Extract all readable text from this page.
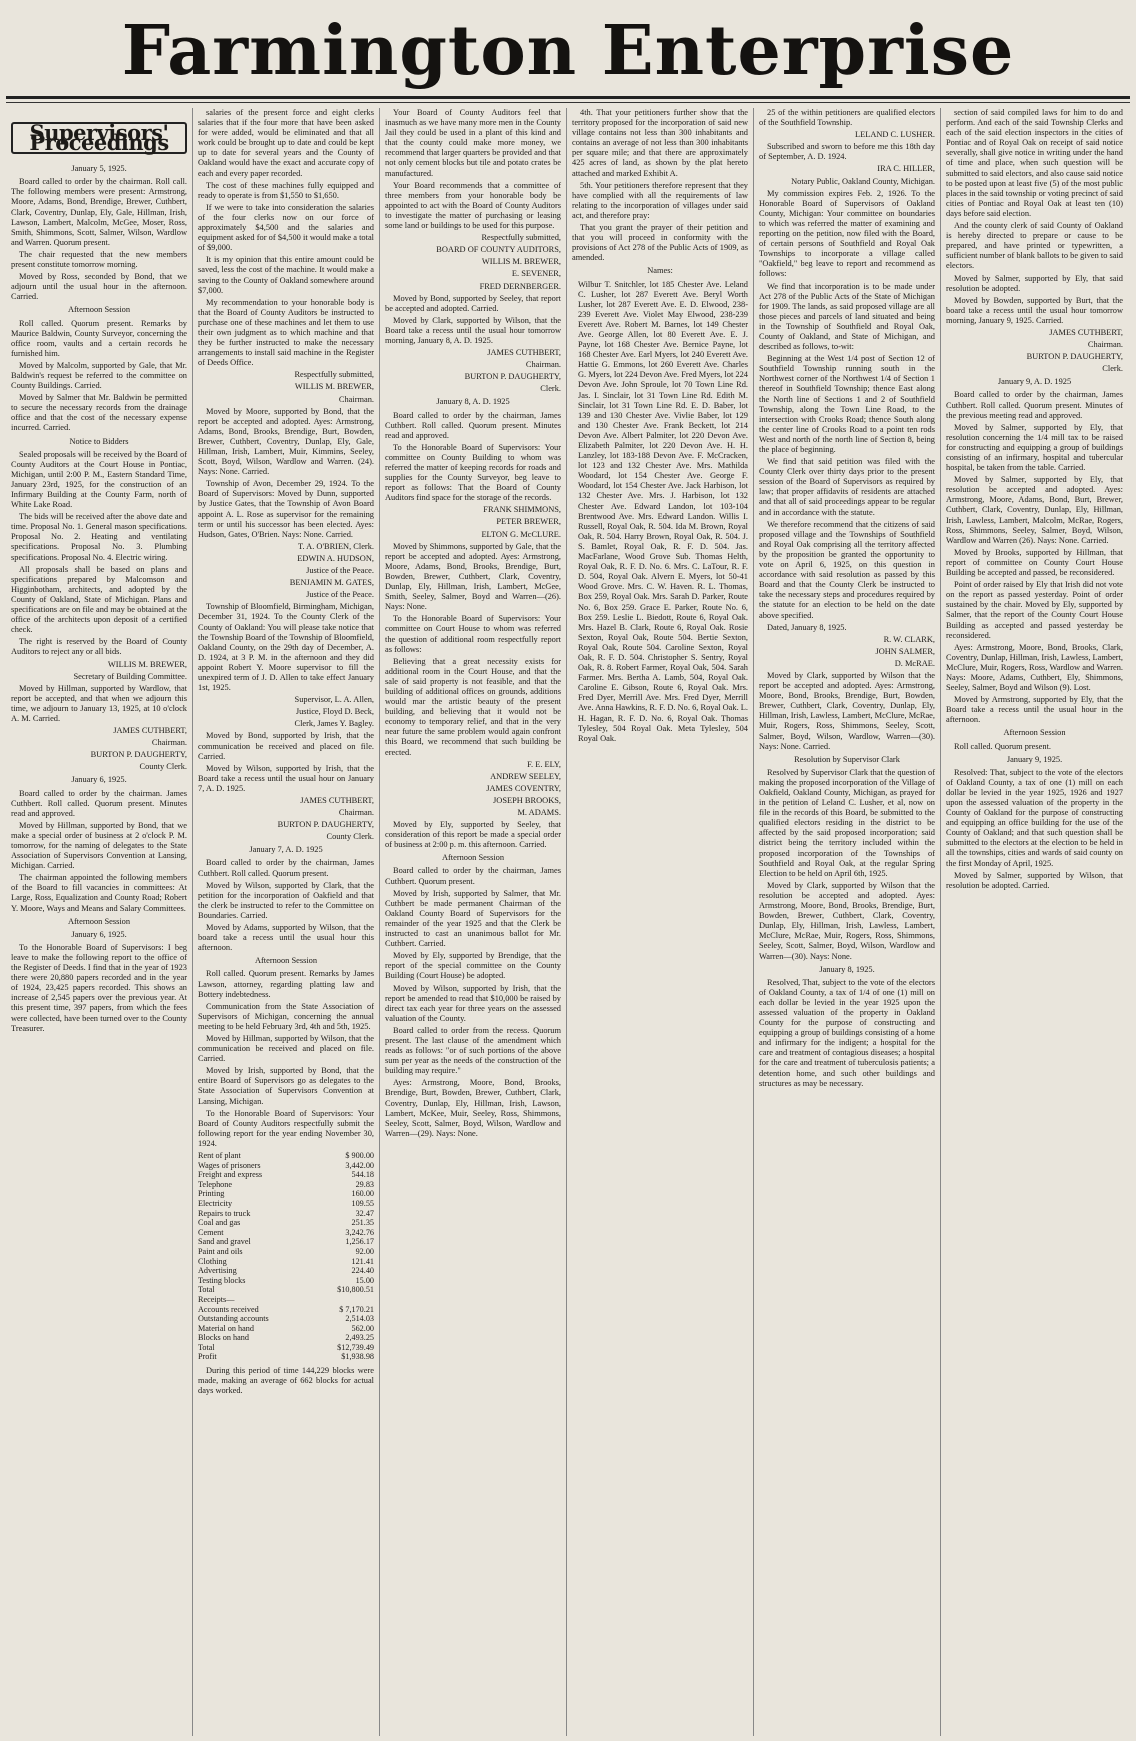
Farmington Enterprise
Supervisors' Proceedings

January 5, 1925.

Board called to order by the chairman. Roll call. The following members were present: Armstrong, Moore, Adams, Bond, Brendige, Brewer, Cuthbert, Clark, Coventry, Dunlap, Ely, Gale, Hillman, Irish, Lawson, Lambert, Malcolm, McGee, Moser, Ross, Smith, Shimmons, Scott, Salmer, Wilson, Wardlow and Warren. Quorum present.

The chair requested that the new members present constitute tomorrow morning.

Moved by Ross, seconded by Bond, that we adjourn until the usual hour in the afternoon. Carried.

Afternoon Session

Roll called. Quorum present. Remarks by Maurice Baldwin, County Surveyor, concerning the office room, vaults and a certain records he furnished him.

Moved by Malcolm, supported by Gale, that Mr. Baldwin's request be referred to the committee on County Buildings. Carried.

Moved by Salmer that Mr. Baldwin be permitted to secure the necessary records from the drainage office and that the cost of the necessary expense incurred. Carried.

Notice to Bidders

Sealed proposals will be received by the Board of County Auditors at the Court House in Pontiac, Michigan, until 2:00 P. M., Eastern Standard Time, January 23rd, 1925, for the construction of an Infirmary Building at the County Farm, north of White Lake Road.

The bids will be received after the above date and time. Proposal No. 1. General mason specifications. Proposal No. 2. Heating and ventilating specifications. Proposal No. 3. Plumbing specifications. Proposal No. 4. Electric wiring.

All proposals shall be based on plans and specifications prepared by Malcomson and Higginbotham, architects, and adopted by the County of Oakland, State of Michigan. Plans and specifications are on file and may be obtained at the office of the architects upon deposit of a certified check.

The right is reserved by the Board of County Auditors to reject any or all bids.

WILLIS M. BREWER,

Secretary of Building Committee.

Moved by Hillman, supported by Wardlow, that report be accepted, and that when we adjourn this time, we adjourn to January 13, 1925, at 10 o'clock A. M. Carried.

JAMES CUTHBERT,

Chairman.

BURTON P. DAUGHERTY,

County Clerk.

January 6, 1925.

Board called to order by the chairman. James Cuthbert. Roll called. Quorum present. Minutes read and approved.

Moved by Hillman, supported by Bond, that we make a special order of business at 2 o'clock P. M. tomorrow, for the naming of delegates to the State Association of Supervisors Convention at Lansing, Michigan. Carried.

The chairman appointed the following members of the Board to fill vacancies in committees: At Large, Ross, Equalization and County Road; Robert Y. Moore, Ways and Means and Salary Committees.

Afternoon Session

January 6, 1925.

To the Honorable Board of Supervisors: I beg leave to make the following report to the office of the Register of Deeds. I find that in the year of 1923 there were 20,880 papers recorded and in the year of 1924, 23,425 papers recorded. This shows an increase of 2,545 papers over the previous year. At this present time, 397 papers, from which the fees were collected, have been turned over to the County Treasurer.

salaries of the present force and eight clerks salaries that if the four more that have been asked for were added, would be eliminated and that all work could be brought up to date and could be kept up to date for several years and the County of Oakland would have the exact and accurate copy of each and every paper recorded.

The cost of these machines fully equipped and ready to operate is from $1,550 to $1,650.

If we were to take into consideration the salaries of the four clerks now on our force of approximately $4,500 and the salaries and equipment asked for of $4,500 it would make a total of $9,000.

It is my opinion that this entire amount could be saved, less the cost of the machine. It would make a saving to the County of Oakland somewhere around $7,000.

My recommendation to your honorable body is that the Board of County Auditors be instructed to purchase one of these machines and let them to use their own judgment as to which machine and that they be further instructed to make the necessary arrangements to install said machine in the Register of Deeds Office.

Respectfully submitted,

WILLIS M. BREWER,

Chairman.

Moved by Moore, supported by Bond, that the report be accepted and adopted. Ayes: Armstrong, Adams, Bond, Brooks, Brendige, Burt, Bowden, Brewer, Cuthbert, Coventry, Dunlap, Ely, Gale, Hillman, Irish, Lambert, Muir, Kimmins, Seeley, Scott, Boyd, Wilson, Wardlow and Warren. (24). Nays: None. Carried.

Township of Avon, December 29, 1924. To the Board of Supervisors: Moved by Dunn, supported by Justice Gates, that the Township of Avon Board appoint A. L. Rose as supervisor for the remaining term or until his successor has been elected. Ayes: Hudson, Gates, O'Brien. Nays: None. Carried.

T. A. O'BRIEN, Clerk.

EDWIN A. HUDSON,

Justice of the Peace.

BENJAMIN M. GATES,

Justice of the Peace.

Township of Bloomfield, Birmingham, Michigan, December 31, 1924. To the County Clerk of the County of Oakland: You will please take notice that the Township Board of the Township of Bloomfield, Oakland County, on the 29th day of December, A. D. 1924, at 3 P. M. in the afternoon and they did appoint Robert Y. Moore supervisor to fill the unexpired term of J. D. Allen to take effect January 1st, 1925.

Supervisor, L. A. Allen,

Justice, Floyd D. Beck,

Clerk, James Y. Bagley.

Moved by Bond, supported by Irish, that the communication be received and placed on file. Carried.

Moved by Wilson, supported by Irish, that the Board take a recess until the usual hour on January 7, A. D. 1925.

JAMES CUTHBERT,

Chairman.

BURTON P. DAUGHERTY,

County Clerk.

January 7, A. D. 1925

Board called to order by the chairman, James Cuthbert. Roll called. Quorum present.

Moved by Wilson, supported by Clark, that the petition for the incorporation of Oakfield and that the clerk be instructed to refer to the Committee on Boundaries. Carried.

Moved by Adams, supported by Wilson, that the board take a recess until the usual hour this afternoon.

Afternoon Session

Roll called. Quorum present. Remarks by James Lawson, attorney, regarding platting law and Bottery indebtedness.

Communication from the State Association of Supervisors of Michigan, concerning the annual meeting to be held February 3rd, 4th and 5th, 1925.

Moved by Hillman, supported by Wilson, that the communication be received and placed on file. Carried.

Moved by Irish, supported by Bond, that the entire Board of Supervisors go as delegates to the State Association of Supervisors Convention at Lansing, Michigan.

To the Honorable Board of Supervisors: Your Board of County Auditors respectfully submit the following report for the year ending November 30, 1924.

Rent of plant	$ 900.00
Wages of prisoners	3,442.00
Freight and express	544.18
Telephone	29.83
Printing	160.00
Electricity	109.55
Repairs to truck	32.47
Coal and gas	251.35
Cement	3,242.76
Sand and gravel	1,256.17
Paint and oils	92.00
Clothing	121.41
Advertising	224.40
Testing blocks	15.00
Total	$10,800.51
Receipts—	
Accounts received	$ 7,170.21
Outstanding accounts	2,514.03
Material on hand	562.00
Blocks on hand	2,493.25
Total	$12,739.49
Profit	$1,938.98

During this period of time 144,229 blocks were made, making an average of 662 blocks for actual days worked.

Your Board of County Auditors feel that inasmuch as we have many more men in the County Jail they could be used in a plant of this kind and that the county could make more money, we recommend that larger quarters be provided and that not only cement blocks but tile and potato crates be manufactured.

Your Board recommends that a committee of three members from your honorable body be appointed to act with the Board of County Auditors to investigate the matter of purchasing or leasing some land or buildings to be used for this purpose.

Respectfully submitted,

BOARD OF COUNTY AUDITORS,

WILLIS M. BREWER,

E. SEVENER,

FRED DERNBERGER.

Moved by Bond, supported by Seeley, that report be accepted and adopted. Carried.

Moved by Clark, supported by Wilson, that the Board take a recess until the usual hour tomorrow morning, January 8, A. D. 1925.

JAMES CUTHBERT,

Chairman.

BURTON P. DAUGHERTY,

Clerk.

January 8, A. D. 1925

Board called to order by the chairman, James Cuthbert. Roll called. Quorum present. Minutes read and approved.

To the Honorable Board of Supervisors: Your committee on County Building to whom was referred the matter of keeping records for roads and supplies for the County Surveyor, beg leave to report as follows: That the Board of County Auditors find space for the storage of the records.

FRANK SHIMMONS,

PETER BREWER,

ELTON G. McCLURE.

Moved by Shimmons, supported by Gale, that the report be accepted and adopted. Ayes: Armstrong, Moore, Adams, Bond, Brooks, Brendige, Burt, Bowden, Brewer, Cuthbert, Clark, Coventry, Dunlap, Ely, Hillman, Irish, Lambert, McGee, Smith, Seeley, Salmer, Boyd and Warren—(26). Nays: None.

To the Honorable Board of Supervisors: Your committee on Court House to whom was referred the question of additional room respectfully report as follows:

Believing that a great necessity exists for additional room in the Court House, and that the sale of said property is not feasible, and that the building of additional offices on grounds, additions would mar the artistic beauty of the present building, and believing that it would not be economy to temporary relief, and that in the very near future the same problem would again confront this Board, we recommend that such building be erected.

F. E. ELY,

ANDREW SEELEY,

JAMES COVENTRY,

JOSEPH BROOKS,

M. ADAMS.

Moved by Ely, supported by Seeley, that consideration of this report be made a special order of business at 2:00 p. m. this afternoon. Carried.

Afternoon Session

Board called to order by the chairman, James Cuthbert. Quorum present.

Moved by Irish, supported by Salmer, that Mr. Cuthbert be made permanent Chairman of the Oakland County Board of Supervisors for the remainder of the year 1925 and that the Clerk be instructed to cast an unanimous ballot for Mr. Cuthbert. Carried.

Moved by Ely, supported by Brendige, that the report of the special committee on the County Building (Court House) be adopted.

Moved by Wilson, supported by Irish, that the report be amended to read that $10,000 be raised by direct tax each year for three years on the assessed valuation of the County.

Board called to order from the recess. Quorum present. The last clause of the amendment which reads as follows: "or of such portions of the above sum per year as the needs of the construction of the building may require."

Ayes: Armstrong, Moore, Bond, Brooks, Brendige, Burt, Bowden, Brewer, Cuthbert, Clark, Coventry, Dunlap, Ely, Hillman, Irish, Lawson, Lambert, McKee, Muir, Seeley, Ross, Shimmons, Seeley, Scott, Salmer, Boyd, Wilson, Wardlow and Warren—(29). Nays: None.

4th. That your petitioners further show that the territory proposed for the incorporation of said new village contains not less than 300 inhabitants and contains an average of not less than 300 inhabitants per square mile; and that there are approximately 425 acres of land, as shown by the plat hereto attached and marked Exhibit A.

5th. Your petitioners therefore represent that they have complied with all the requirements of law relating to the incorporation of villages under said act, and therefore pray:

That you grant the prayer of their petition and that you will proceed in conformity with the provisions of Act 278 of the Public Acts of 1909, as amended.

Names:

Wilbur T. Snitchler, lot 185 Chester Ave. Leland C. Lusher, lot 287 Everett Ave. Beryl Worth Lusher, lot 287 Everett Ave. E. D. Elwood, 238-239 Everett Ave. Violet May Elwood, 238-239 Everett Ave. Robert M. Barnes, lot 149 Chester Ave. George Allen, lot 80 Everett Ave. E. J. Payne, lot 168 Chester Ave. Bernice Payne, lot 168 Chester Ave. Earl Myers, lot 240 Everett Ave. Hattie G. Emmons, lot 260 Everett Ave. Charles G. Myers, lot 224 Devon Ave. Fred Myers, lot 224 Devon Ave. John Sproule, lot 70 Town Line Rd. Jas. I. Sinclair, lot 31 Town Line Rd. Edith M. Sinclair, lot 31 Town Line Rd. E. D. Baber, lot 139 and 130 Chester Ave. Vivlie Baber, lot 129 and 130 Chester Ave. Frank Beckett, lot 214 Devon Ave. Albert Palmiter, lot 220 Devon Ave. Elizabeth Palmiter, lot 220 Devon Ave. H. H. Lanzley, lot 183-188 Devon Ave. F. McCracken, lot 123 and 132 Chester Ave. Mrs. Mathilda Woodard, lot 154 Chester Ave. George F. Woodard, lot 154 Chester Ave. Jack Harbison, lot 132 Chester Ave. Mrs. J. Harbison, lot 132 Chester Ave. Edward Landon, lot 103-104 Brentwood Ave. Mrs. Edward Landon. Willis I. Russell, Royal Oak, R. 504. Ida M. Brown, Royal Oak, R. 504. Harry Brown, Royal Oak, R. 504. J. S. Bamlet, Royal Oak, R. F. D. 504. Jas. MacFarlane, Wood Grove Sub. Thomas Helth, Royal Oak, R. F. D. No. 6. Mrs. C. LaTour, R. F. D. 504, Royal Oak. Alvern E. Myers, lot 50-41 Wood Grove. Mrs. C. W. Haven. R. L. Thomas, Box 259, Royal Oak. Mrs. Sarah D. Parker, Route No. 6, Box 259. Grace E. Parker, Route No. 6, Box 259. Leslie L. Biedott, Route 6, Royal Oak. Mrs. Hazel B. Clark, Route 6, Royal Oak. Rosie Sexton, Royal Oak, Route 504. Bertie Sexton, Royal Oak, Route 504. Caroline Sexton, Royal Oak, R. F. D. 504. Christopher S. Sentry, Royal Oak, R. 8. Robert Farmer, Royal Oak, 504. Sarah Farmer. Mrs. Bertha A. Lamb, 504, Royal Oak. Caroline E. Gibson, Route 6, Royal Oak. Mrs. Fred Dyer, Merrill Ave. Mrs. Fred Dyer, Merrill Ave. Anna Hawkins, R. F. D. No. 6, Royal Oak. L. H. Hagan, R. F. D. No. 6, Royal Oak. Thomas Tylesley, 504 Royal Oak. Meta Tylesley, 504 Royal Oak.

25 of the within petitioners are qualified electors of the Southfield Township.

LELAND C. LUSHER.

Subscribed and sworn to before me this 18th day of September, A. D. 1924.

IRA C. HILLER,

Notary Public, Oakland County, Michigan.

My commission expires Feb. 2, 1926. To the Honorable Board of Supervisors of Oakland County, Michigan: Your committee on boundaries to which was referred the matter of examining and reporting on the petition, now filed with the Board, of certain persons of Southfield and Royal Oak Townships to incorporate a village called "Oakfield," beg leave to report and recommend as follows:

We find that incorporation is to be made under Act 278 of the Public Acts of the State of Michigan for 1909. The lands, as said proposed village are all those pieces and parcels of land situated and being in the Township of Southfield and Royal Oak, County of Oakland, and State of Michigan, and described as follows, to-wit:

Beginning at the West 1/4 post of Section 12 of Southfield Township running south in the Northwest corner of the Northwest 1/4 of Section 1 thereof in Southfield Township; thence East along the North line of Sections 1 and 2 of Southfield Township, along the Town Line Road, to the intersection with Crooks Road; thence South along the center line of Crooks Road to a point ten rods West and north of the north line of Section 8, being the place of beginning.

We find that said petition was filed with the County Clerk over thirty days prior to the present session of the Board of Supervisors as required by law; that proper affidavits of residents are attached and that all of said proceedings appear to be regular and in accordance with the statute.

We therefore recommend that the citizens of said proposed village and the Townships of Southfield and Royal Oak comprising all the territory affected by the proposition be granted the opportunity to vote on April 6, 1925, on this question in accordance with said resolution as passed by this Board and that the County Clerk be instructed to take the necessary steps and procedures required by the statute for an election to be held on the date above specified.

Dated, January 8, 1925.

R. W. CLARK,

JOHN SALMER,

D. McRAE.

Moved by Clark, supported by Wilson that the report be accepted and adopted. Ayes: Armstrong, Moore, Bond, Brooks, Brendige, Burt, Bowden, Brewer, Cuthbert, Clark, Coventry, Dunlap, Ely, Hillman, Irish, Lawless, Lambert, McClure, McRae, Muir, Rogers, Ross, Shimmons, Seeley, Scott, Salmer, Boyd, Wilson, Wardlow, Warren—(30). Nays: None. Carried.

Resolution by Supervisor Clark

Resolved by Supervisor Clark that the question of making the proposed incorporation of the Village of Oakfield, Oakland County, Michigan, as prayed for in the petition of Leland C. Lusher, et al, now on file in the records of this Board, be submitted to the qualified electors residing in the district to be affected by the said proposed incorporation; said district being the territory included within the proposed incorporation of the Townships of Southfield and Royal Oak, at the regular Spring Election to be held on April 6th, 1925.

Moved by Clark, supported by Wilson that the resolution be accepted and adopted. Ayes: Armstrong, Moore, Bond, Brooks, Brendige, Burt, Bowden, Brewer, Cuthbert, Clark, Coventry, Dunlap, Ely, Hillman, Irish, Lawless, Lambert, McClure, McRae, Muir, Rogers, Ross, Shimmons, Seeley, Scott, Salmer, Boyd, Wilson, Wardlow and Warren—(30). Nays: None.

January 8, 1925.

Resolved, That, subject to the vote of the electors of Oakland County, a tax of 1/4 of one (1) mill on each dollar be levied in the year 1925 upon the assessed valuation of the property in Oakland County for the purpose of constructing and equipping a group of buildings consisting of a home and infirmary for the indigent; a hospital for the care and treatment of contagious diseases; a hospital for the care and treatment of tuberculosis patients; a detention home, and such other buildings and structures as may be necessary.

section of said compiled laws for him to do and perform. And each of the said Township Clerks and each of the said election inspectors in the cities of Pontiac and of Royal Oak on receipt of said notice severally, shall give notice in writing under the hand of time and place, when such question will be submitted to said electors, and also cause said notice to be posted upon at least five (5) of the most public places in the said township or voting precinct of said cities of Pontiac and Royal Oak at least ten (10) days before said election.

And the county clerk of said County of Oakland is hereby directed to prepare or cause to be prepared, and have printed or typewritten, a sufficient number of blank ballots to be given to said electors.

Moved by Salmer, supported by Ely, that said resolution be adopted.

Moved by Bowden, supported by Burt, that the board take a recess until the usual hour tomorrow morning, January 9, 1925. Carried.

JAMES CUTHBERT,

Chairman.

BURTON P. DAUGHERTY,

Clerk.

January 9, A. D. 1925

Board called to order by the chairman, James Cuthbert. Roll called. Quorum present. Minutes of the previous meeting read and approved.

Moved by Salmer, supported by Ely, that resolution concerning the 1/4 mill tax to be raised for constructing and equipping a group of buildings consisting of an infirmary, hospital and tubercular hospital, be taken from the table. Carried.

Moved by Salmer, supported by Ely, that resolution be accepted and adopted. Ayes: Armstrong, Moore, Adams, Bond, Burt, Brewer, Cuthbert, Clark, Coventry, Dunlap, Ely, Hillman, Irish, Lawless, Lambert, Malcolm, McRae, Rogers, Ross, Shimmons, Seeley, Salmer, Boyd, Wilson, Wardlow and Warren (26). Nays: None. Carried.

Moved by Brooks, supported by Hillman, that report of committee on County Court House Building be accepted and passed, be reconsidered.

Point of order raised by Ely that Irish did not vote on the report as passed yesterday. Point of order sustained by the chair. Moved by Ely, supported by Salmer, that the report of the County Court House Building as accepted and passed yesterday be reconsidered.

Ayes: Armstrong, Moore, Bond, Brooks, Clark, Coventry, Dunlap, Hillman, Irish, Lawless, Lambert, McClure, Muir, Rogers, Ross, Wardlow and Warren. Nays: Moore, Adams, Cuthbert, Ely, Shimmons, Seeley, Salmer, Boyd and Wilson (9). Lost.

Moved by Armstrong, supported by Ely, that the Board take a recess until the usual hour in the afternoon.

Afternoon Session

Roll called. Quorum present.

January 9, 1925.

Resolved: That, subject to the vote of the electors of Oakland County, a tax of one (1) mill on each dollar be levied in the year 1925, 1926 and 1927 upon the assessed valuation of the property in the County of Oakland for the purpose of constructing and equipping an office building for the use of the County of Oakland; and that such question shall be submitted to the electors at the election to be held in all the townships, cities and wards of said county on the first Monday of April, 1925.

Moved by Salmer, supported by Wilson, that resolution be adopted. Carried.
